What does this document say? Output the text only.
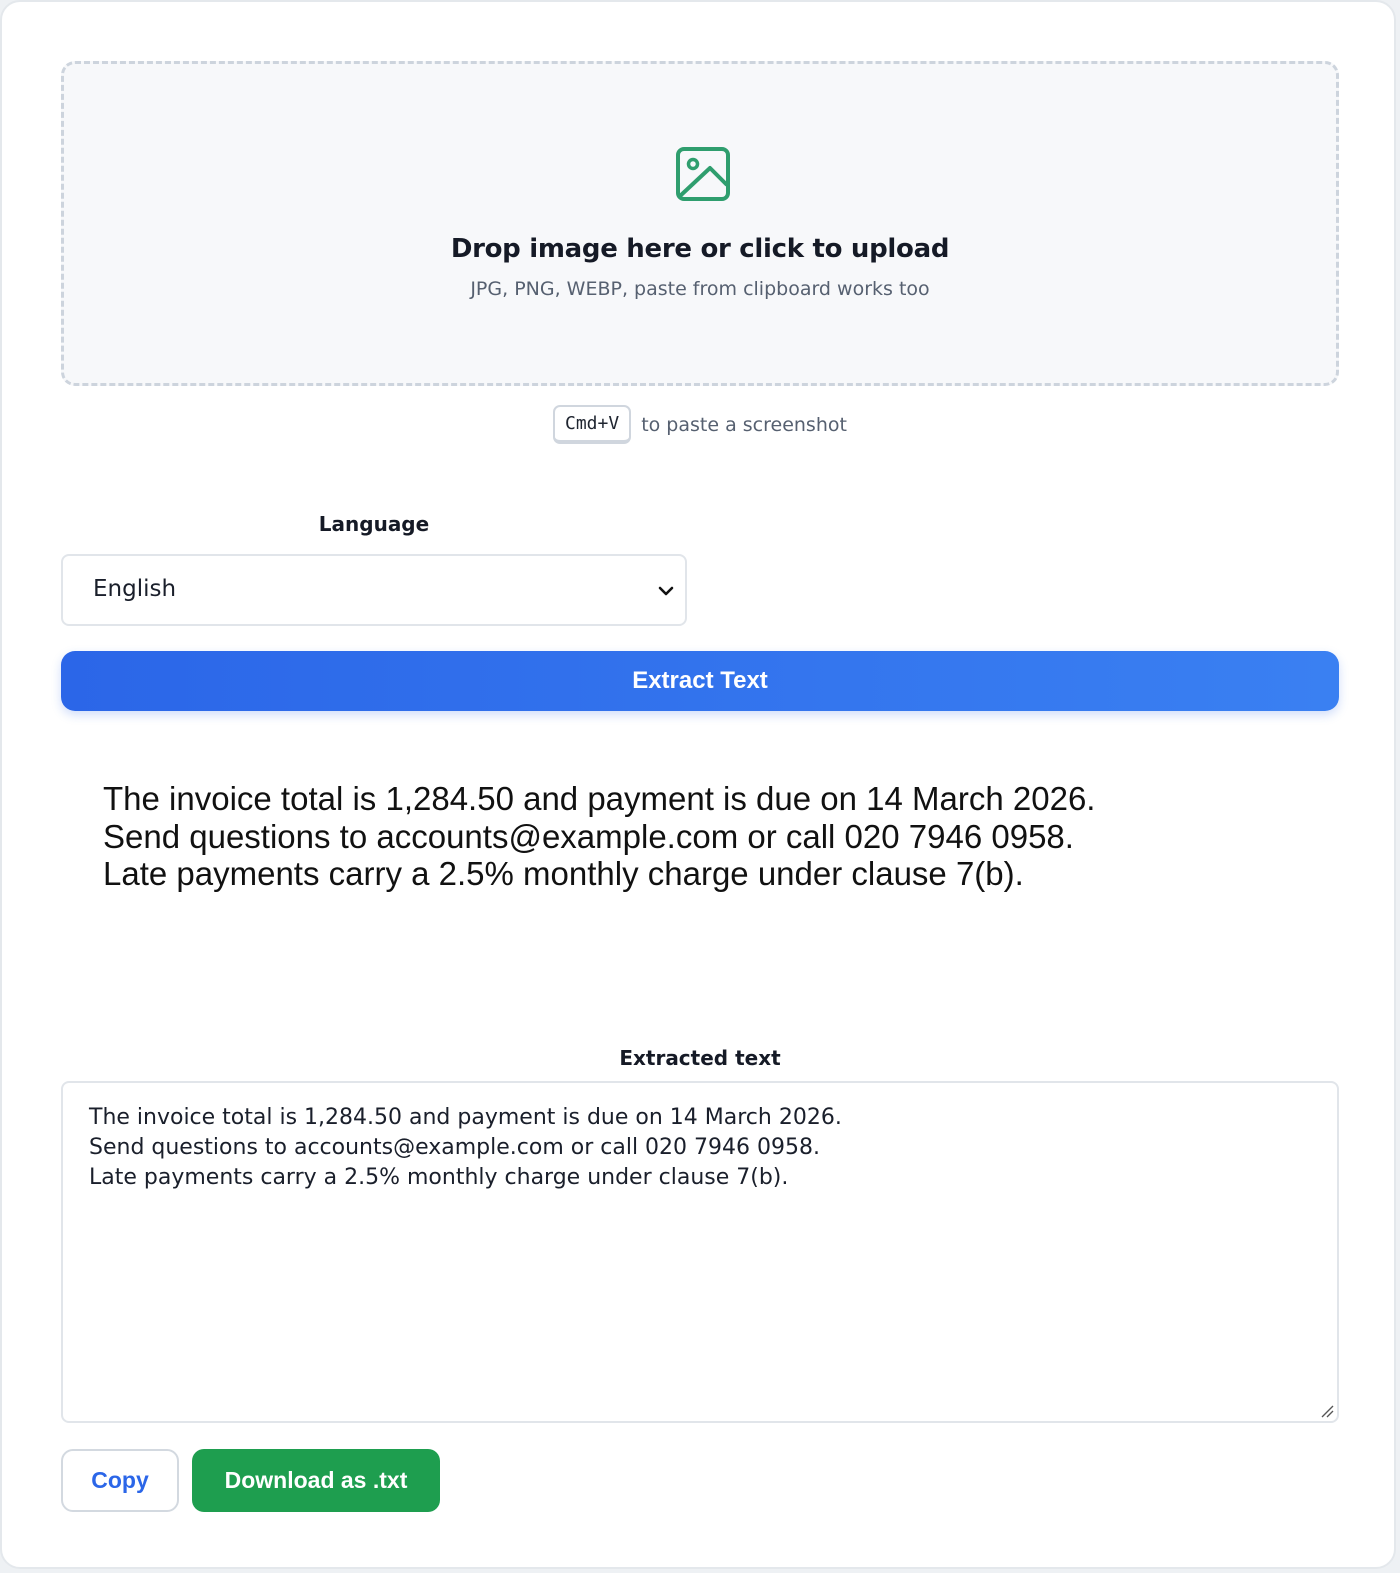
Drop image here or click to upload
JPG, PNG, WEBP, paste from clipboard works too
Cmd+V	to paste a screenshot
Language
English
Extract Text
The invoice total is 1,284.50 and payment is due on 14 March 2026.
Send questions to accounts@example.com or call 020 7946 0958.
Late payments carry a 2.5% monthly charge under clause 7(b).
Extracted text
The invoice total is 1,284.50 and payment is due on 14 March 2026.
Send questions to accounts@example.com or call 020 7946 0958.
Late payments carry a 2.5% monthly charge under clause 7(b).
Copy	Download as .txt
